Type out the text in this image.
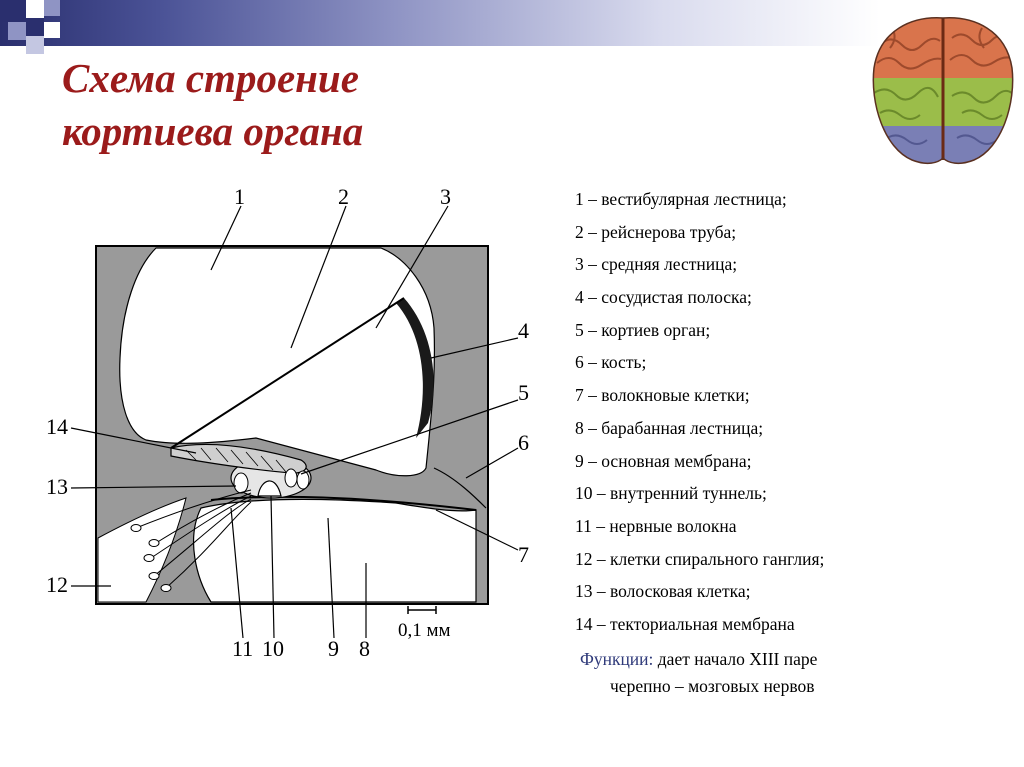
Схема строение
кортиева органа
0,1 мм
1	2	3
4
5
6
7
8
9
10
11
12
13
14
1 – вестибулярная лестница;
2 – рейснерова труба;
3 – средняя лестница;
4 – сосудистая полоска;
5 – кортиев орган;
6 – кость;
7 – волокновые клетки;
8 – барабанная лестница;
9 – основная мембрана;
10 – внутренний туннель;
11 – нервные волокна
12 – клетки спирального ганглия;
13 – волосковая клетка;
14 – текториальная мембрана
Функции: дает начало XIII паре
черепно – мозговых нервов
